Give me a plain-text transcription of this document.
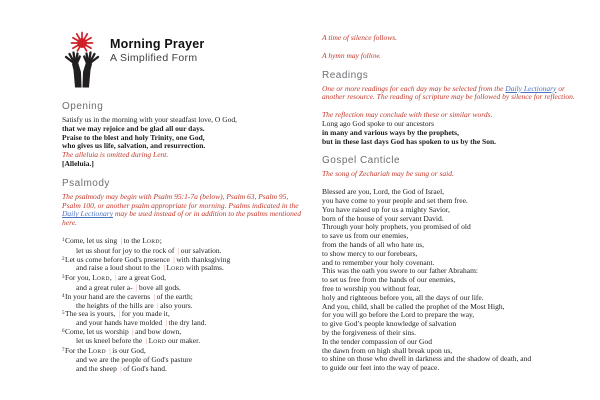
Morning Prayer
A Simplified Form
Opening
Satisfy us in the morning with your steadfast love, O God,
that we may rejoice and be glad all our days.
Praise to the blest and holy Trinity, one God,
who gives us life, salvation, and resurrection.
The alleluia is omitted during Lent.
[Alleluia.]
Psalmody
The psalmody may begin with Psalm 95:1-7a (below), Psalm 63, Psalm 95, Psalm 100, or another psalm appropriate for morning. Psalms indicated in the Daily Lectionary may be used instead of or in addition to the psalms mentioned here.
$^1$Come, let us sing | to the LORD;
let us shout for joy to the rock of | our salvation.
$^2$Let us come before God's presence | with thanksgiving
and raise a loud shout to the | LORD with psalms.
$^3$For you, LORD, | are a great God,
and a great ruler a- | bove all gods.
$^4$In your hand are the caverns | of the earth;
the heights of the hills are | also yours.
$^5$The sea is yours, | for you made it,
and your hands have molded | the dry land.
$^6$Come, let us worship | and bow down,
let us kneel before the | LORD our maker.
$^7$For the LORD | is our God,
and we are the people of God's pasture
and the sheep | of God's hand.
A time of silence follows.
A hymn may follow.
Readings
One or more readings for each day may be selected from the Daily Lectionary or another resource. The reading of scripture may be followed by silence for reflection.
The reflection may conclude with these or similar words.
Long ago God spoke to our ancestors
in many and various ways by the prophets,
but in these last days God has spoken to us by the Son.
Gospel Canticle
The song of Zechariah may be sung or said.
Blessed are you, Lord, the God of Israel,
you have come to your people and set them free.
You have raised up for us a mighty Savior,
born of the house of your servant David.
Through your holy prophets, you promised of old
to save us from our enemies,
from the hands of all who hate us,
to show mercy to our forebears,
and to remember your holy covenant.
This was the oath you swore to our father Abraham:
to set us free from the hands of our enemies,
free to worship you without fear,
holy and righteous before you, all the days of our life.
And you, child, shall be called the prophet of the Most High,
for you will go before the Lord to prepare the way,
to give God’s people knowledge of salvation
by the forgiveness of their sins.
In the tender compassion of our God
the dawn from on high shall break upon us,
to shine on those who dwell in darkness and the shadow of death, and
to guide our feet into the way of peace.
